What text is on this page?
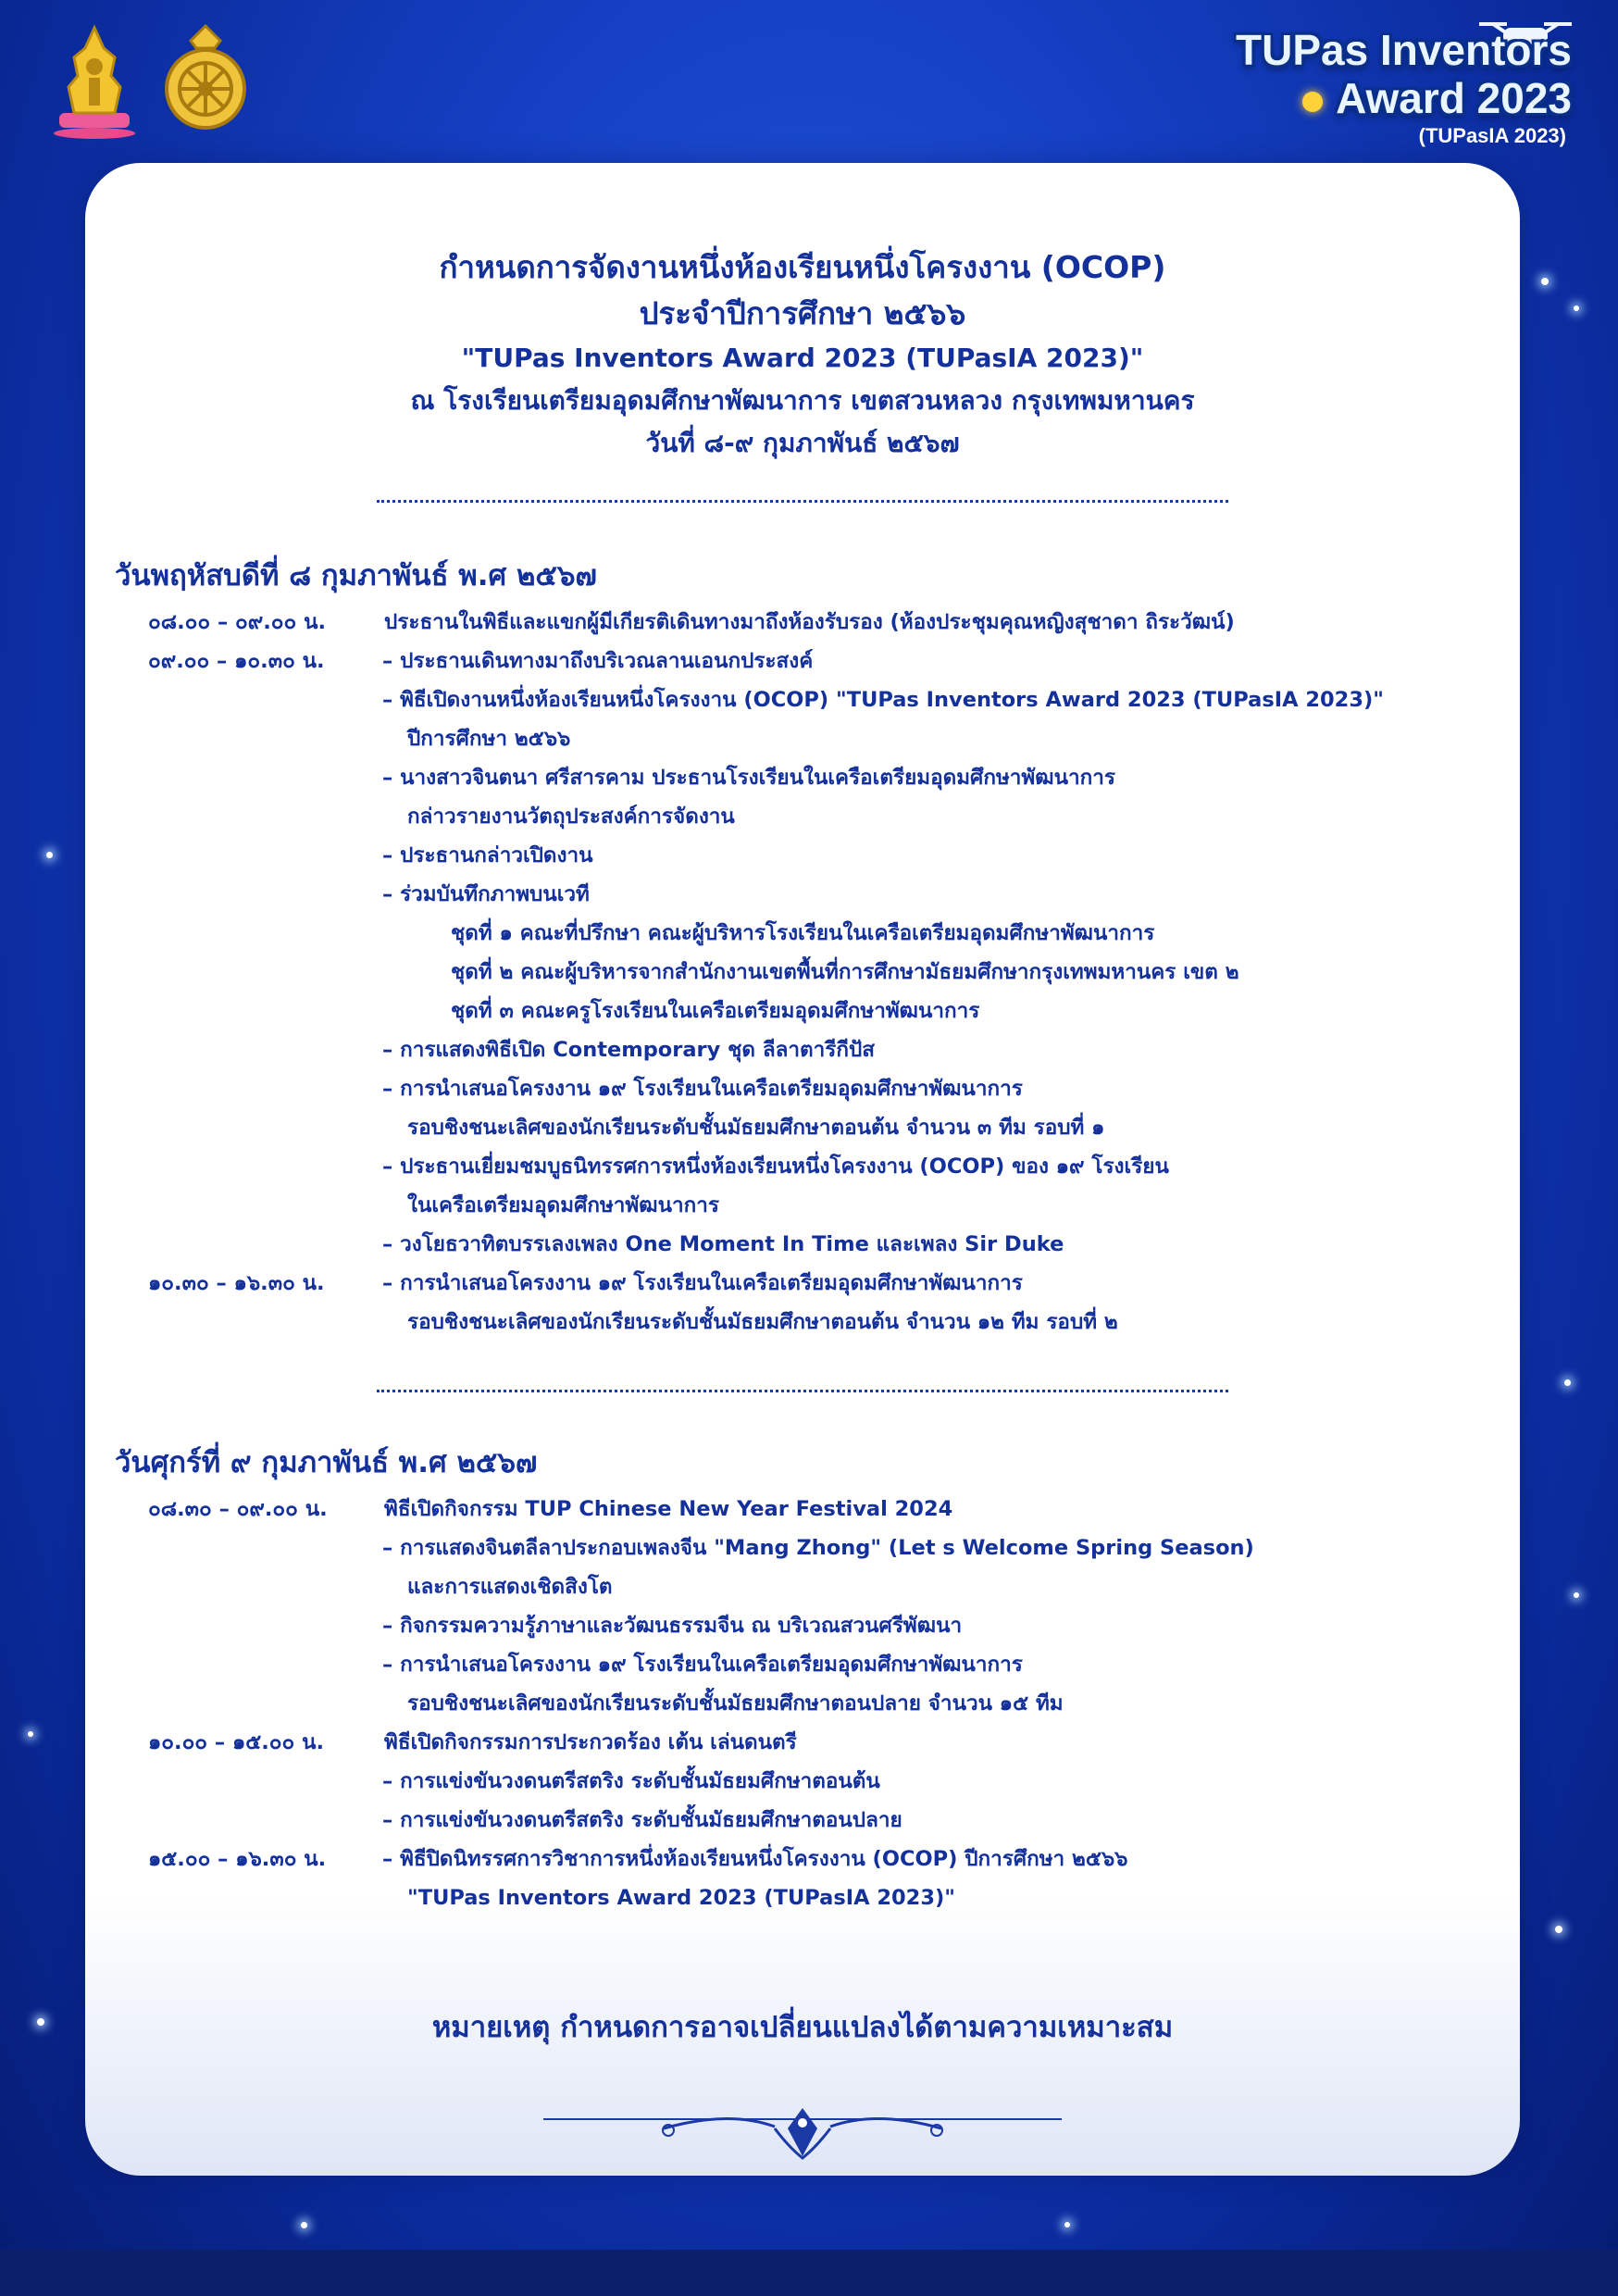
TUPas Inventors
Award 2023
(TUPasIA 2023)
กำหนดการจัดงานหนึ่งห้องเรียนหนึ่งโครงงาน (OCOP)
ประจำปีการศึกษา ๒๕๖๖
"TUPas Inventors Award 2023 (TUPasIA 2023)"
ณ โรงเรียนเตรียมอุดมศึกษาพัฒนาการ เขตสวนหลวง กรุงเทพมหานคร
วันที่ ๘-๙ กุมภาพันธ์ ๒๕๖๗
วันพฤหัสบดีที่ ๘ กุมภาพันธ์ พ.ศ ๒๕๖๗
๐๘.๐๐ – ๐๙.๐๐ น.	ประธานในพิธีและแขกผู้มีเกียรติเดินทางมาถึงห้องรับรอง (ห้องประชุมคุณหญิงสุชาดา ถิระวัฒน์)
๐๙.๐๐ – ๑๐.๓๐ น.	– ประธานเดินทางมาถึงบริเวณลานเอนกประสงค์
– พิธีเปิดงานหนึ่งห้องเรียนหนึ่งโครงงาน (OCOP) "TUPas Inventors Award 2023 (TUPasIA 2023)"
ปีการศึกษา ๒๕๖๖
– นางสาวจินตนา ศรีสารคาม ประธานโรงเรียนในเครือเตรียมอุดมศึกษาพัฒนาการ
กล่าวรายงานวัตถุประสงค์การจัดงาน
– ประธานกล่าวเปิดงาน
– ร่วมบันทึกภาพบนเวที
ชุดที่ ๑ คณะที่ปรึกษา คณะผู้บริหารโรงเรียนในเครือเตรียมอุดมศึกษาพัฒนาการ
ชุดที่ ๒ คณะผู้บริหารจากสำนักงานเขตพื้นที่การศึกษามัธยมศึกษากรุงเทพมหานคร เขต ๒
ชุดที่ ๓ คณะครูโรงเรียนในเครือเตรียมอุดมศึกษาพัฒนาการ
– การแสดงพิธีเปิด Contemporary ชุด ลีลาตารีกีปัส
– การนำเสนอโครงงาน ๑๙ โรงเรียนในเครือเตรียมอุดมศึกษาพัฒนาการ
รอบชิงชนะเลิศของนักเรียนระดับชั้นมัธยมศึกษาตอนต้น จำนวน ๓ ทีม รอบที่ ๑
– ประธานเยี่ยมชมบูธนิทรรศการหนึ่งห้องเรียนหนึ่งโครงงาน (OCOP) ของ ๑๙ โรงเรียน
ในเครือเตรียมอุดมศึกษาพัฒนาการ
– วงโยธวาทิตบรรเลงเพลง One Moment In Time และเพลง Sir Duke
๑๐.๓๐ – ๑๖.๓๐ น.	– การนำเสนอโครงงาน ๑๙ โรงเรียนในเครือเตรียมอุดมศึกษาพัฒนาการ
รอบชิงชนะเลิศของนักเรียนระดับชั้นมัธยมศึกษาตอนต้น จำนวน ๑๒ ทีม รอบที่ ๒
วันศุกร์ที่ ๙ กุมภาพันธ์ พ.ศ ๒๕๖๗
๐๘.๓๐ – ๐๙.๐๐ น.	พิธีเปิดกิจกรรม TUP Chinese New Year Festival 2024
– การแสดงจินตลีลาประกอบเพลงจีน "Mang Zhong" (Let s Welcome Spring Season)
และการแสดงเชิดสิงโต
– กิจกรรมความรู้ภาษาและวัฒนธรรมจีน ณ บริเวณสวนศรีพัฒนา
– การนำเสนอโครงงาน ๑๙ โรงเรียนในเครือเตรียมอุดมศึกษาพัฒนาการ
รอบชิงชนะเลิศของนักเรียนระดับชั้นมัธยมศึกษาตอนปลาย จำนวน ๑๕ ทีม
๑๐.๐๐ – ๑๕.๐๐ น.	พิธีเปิดกิจกรรมการประกวดร้อง เต้น เล่นดนตรี
– การแข่งขันวงดนตรีสตริง ระดับชั้นมัธยมศึกษาตอนต้น
– การแข่งขันวงดนตรีสตริง ระดับชั้นมัธยมศึกษาตอนปลาย
๑๕.๐๐ – ๑๖.๓๐ น.	– พิธีปิดนิทรรศการวิชาการหนึ่งห้องเรียนหนึ่งโครงงาน (OCOP) ปีการศึกษา ๒๕๖๖
"TUPas Inventors Award 2023 (TUPasIA 2023)"
หมายเหตุ กำหนดการอาจเปลี่ยนแปลงได้ตามความเหมาะสม
